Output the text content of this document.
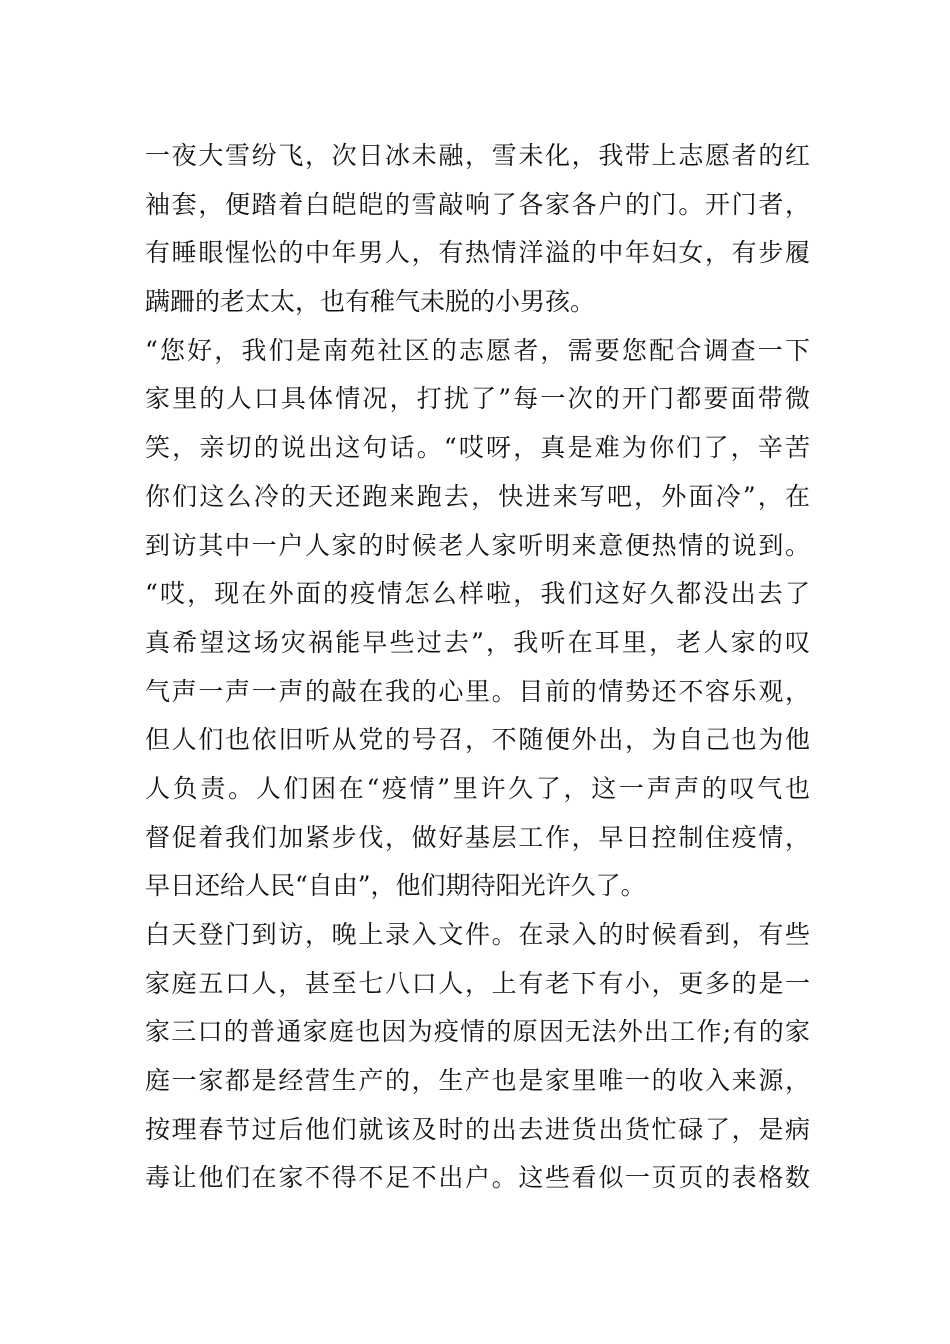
一夜大雪纷飞，次日冰未融，雪未化，我带上志愿者的红
袖套，便踏着白皑皑的雪敲响了各家各户的门。开门者，
有睡眼惺忪的中年男人，有热情洋溢的中年妇女，有步履
蹒跚的老太太，也有稚气未脱的小男孩。
“您好，我们是南苑社区的志愿者，需要您配合调查一下
家里的人口具体情况，打扰了”每一次的开门都要面带微
笑，亲切的说出这句话。“哎呀，真是难为你们了，辛苦
你们这么冷的天还跑来跑去，快进来写吧，外面冷”，在
到访其中一户人家的时候老人家听明来意便热情的说到。
“哎，现在外面的疫情怎么样啦，我们这好久都没出去了
真希望这场灾祸能早些过去”，我听在耳里，老人家的叹
气声一声一声的敲在我的心里。目前的情势还不容乐观，
但人们也依旧听从党的号召，不随便外出，为自己也为他
人负责。人们困在“疫情”里许久了，这一声声的叹气也
督促着我们加紧步伐，做好基层工作，早日控制住疫情，
早日还给人民“自由”，他们期待阳光许久了。
白天登门到访，晚上录入文件。在录入的时候看到，有些
家庭五口人，甚至七八口人，上有老下有小，更多的是一
家三口的普通家庭也因为疫情的原因无法外出工作;有的家
庭一家都是经营生产的，生产也是家里唯一的收入来源，
按理春节过后他们就该及时的出去进货出货忙碌了，是病
毒让他们在家不得不足不出户。这些看似一页页的表格数
